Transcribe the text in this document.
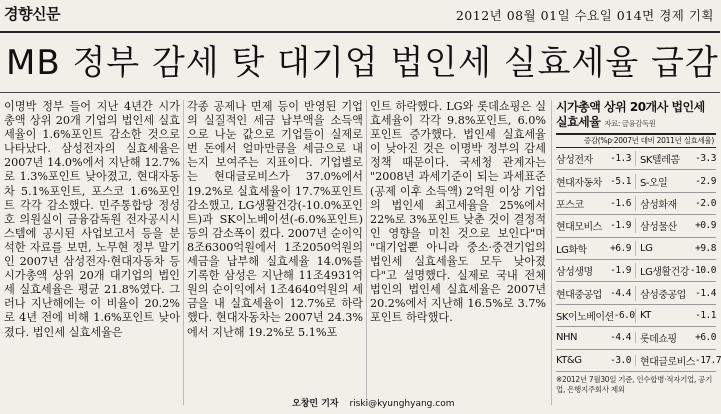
경향신문	2012년 08월 01일 수요일 014면 경제 기획
MB 정부 감세 탓 대기업 법인세 실효세율 급감

이명박 정부 들어 지난 4년간 시가총액 상위 20개 기업의 법인세 실효세율이 1.6%포인트 감소한 것으로 나타났다. 삼성전자의 실효세율은 2007년 14.0%에서 지난해 12.7%로 1.3%포인트 낮아졌고, 현대자동차 5.1%포인트, 포스코 1.6%포인트 각각 감소했다. 민주통합당 정성호 의원실이 금융감독원 전자공시시스템에 공시된 사업보고서 등을 분석한 자료를 보면, 노무현 정부 말기인 2007년 삼성전자·현대자동차 등 시가총액 상위 20개 대기업의 법인세 실효세율은 평균 21.8%였다. 그러나 지난해에는 이 비율이 20.2%로 4년 전에 비해 1.6%포인트 낮아졌다. 법인세 실효세율은

각종 공제나 면제 등이 반영된 기업의 실질적인 세금 납부액을 소득액으로 나눈 값으로 기업들이 실제로 번 돈에서 얼마만큼을 세금으로 내는지 보여주는 지표이다. 기업별로는 현대글로비스가 37.0%에서 19.2%로 실효세율이 17.7%포인트 감소했고, LG생활건강(-10.0%포인트)과 SK이노베이션(-6.0%포인트) 등의 감소폭이 컸다. 2007년 순이익 8조6300억원에서 1조2050억원의 세금을 납부해 실효세율 14.0%를 기록한 삼성은 지난해 11조4931억원의 순이익에서 1조4640억원의 세금을 내 실효세율이 12.7%로 하락했다. 현대자동차는 2007년 24.3%에서 지난해 19.2%로 5.1%포

인트 하락했다. LG와 롯데쇼핑은 실효세율이 각각 9.8%포인트, 6.0%포인트 증가했다. 법인세 실효세율이 낮아진 것은 이명박 정부의 감세 정책 때문이다. 국세청 관계자는 "2008년 과세기준이 되는 과세표준(공제 이후 소득액) 2억원 이상 기업의 법인세 최고세율을 25%에서 22%로 3%포인트 낮춘 것이 결정적인 영향을 미친 것으로 보인다"며 "대기업뿐 아니라 중소·중견기업의 법인세 실효세율도 모두 낮아졌다"고 설명했다. 실제로 국내 전체 법인의 법인세 실효세율은 2007년 20.2%에서 지난해 16.5%로 3.7%포인트 하락했다.

오창민 기자 riski@kyunghyang.com
시가총액 상위 20개사 법인세 실효세율 자료: 금융감독원
증감(%p·2007년 대비 2011년 실효세율)
삼성전자	-1.3 SK텔레콤	-3.3
현대자동차 -5.1 S-오일	-2.9
포스코	-1.6 삼성화재	-2.0
현대모비스 -1.9 삼성물산	+0.9
LG화학	+6.9 LG	+9.8
삼성생명	-1.9 LG생활건강 -10.0
현대중공업 -4.4 삼성중공업 -1.4
SK이노베이션 -6.0 KT	-1.1
NHN	-4.4 롯데쇼핑	+6.0
KT&G	-3.0 현대글로비스 -17.7
※2012년 7월30일 기준, 인수합병·적자기업, 공기업, 은행지주회사 제외
